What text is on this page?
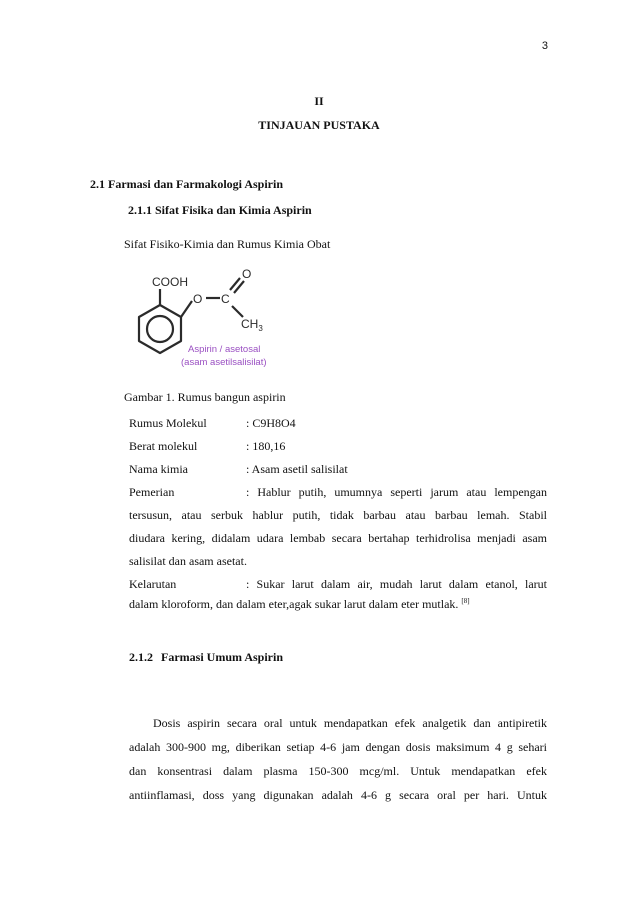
3
II
TINJAUAN PUSTAKA
2.1 Farmasi dan Farmakologi Aspirin
2.1.1 Sifat Fisika dan Kimia Aspirin
Sifat Fisiko-Kimia dan Rumus Kimia Obat
COOH
O C
O
$CH_3$
Aspirin / asetosal
(asam asetilsalisilat)
Gambar 1. Rumus bangun aspirin
Rumus Molekul	: C9H8O4
Berat molekul	: 180,16
Nama kimia	: Asam asetil salisilat
Pemerian	: Hablur putih, umumnya seperti jarum atau lempengan
tersusun, atau serbuk hablur putih, tidak barbau atau barbau lemah. Stabil
diudara kering, didalam udara lembab secara bertahap terhidrolisa menjadi asam
salisilat dan asam asetat.
Kelarutan	: Sukar larut dalam air, mudah larut dalam etanol, larut
dalam kloroform, dan dalam eter,agak sukar larut dalam eter mutlak. [8]
2.1.2 Farmasi Umum Aspirin
Dosis aspirin secara oral untuk mendapatkan efek analgetik dan antipiretik
adalah 300-900 mg, diberikan setiap 4-6 jam dengan dosis maksimum 4 g sehari
dan konsentrasi dalam plasma 150-300 mcg/ml. Untuk mendapatkan efek
antiinflamasi, doss yang digunakan adalah 4-6 g secara oral per hari. Untuk
